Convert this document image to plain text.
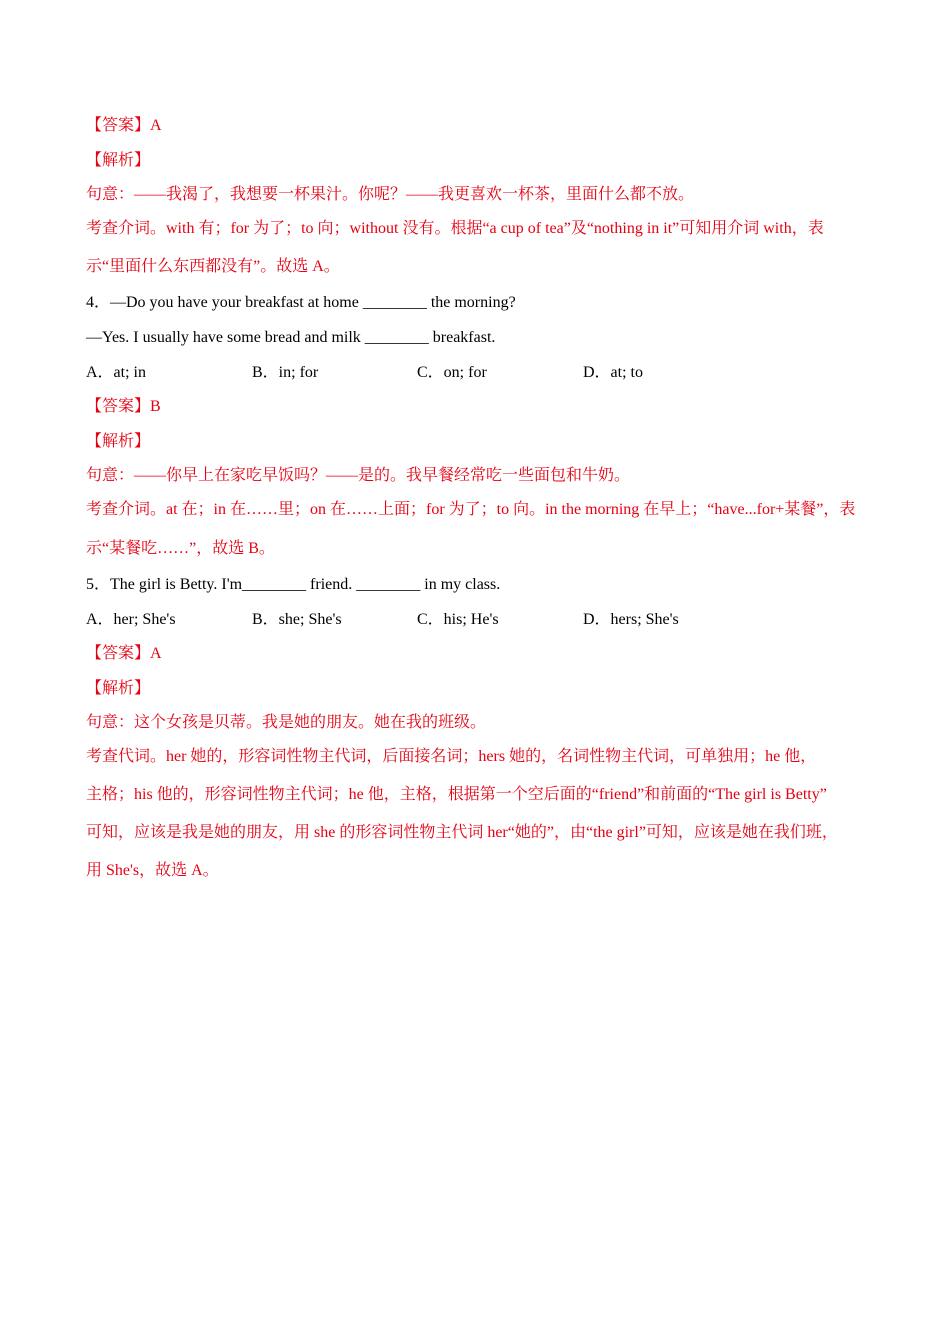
【答案】A
【解析】
句意：——我渴了，我想要一杯果汁。你呢？——我更喜欢一杯茶，里面什么都不放。
考查介词。with 有；for 为了；to 向；without 没有。根据“a cup of tea”及“nothing in it”可知用介词 with，表
示“里面什么东西都没有”。故选 A。
4．—Do you have your breakfast at home ________ the morning?
—Yes. I usually have some bread and milk ________ breakfast.
A．at; in	B．in; for	C．on; for	D．at; to
【答案】B
【解析】
句意：——你早上在家吃早饭吗？——是的。我早餐经常吃一些面包和牛奶。
考查介词。at 在；in 在……里；on 在……上面；for 为了；to 向。in the morning 在早上；“have...for+某餐”，表
示“某餐吃……”，故选 B。
5．The girl is Betty. I'm________ friend. ________ in my class.
A．her; She's	B．she; She's	C．his; He's	D．hers; She's
【答案】A
【解析】
句意：这个女孩是贝蒂。我是她的朋友。她在我的班级。
考查代词。her 她的，形容词性物主代词，后面接名词；hers 她的，名词性物主代词，可单独用；he 他，
主格；his 他的，形容词性物主代词；he 他，主格，根据第一个空后面的“friend”和前面的“The girl is Betty”
可知，应该是我是她的朋友，用 she 的形容词性物主代词 her“她的”，由“the girl”可知，应该是她在我们班，
用 She's，故选 A。
